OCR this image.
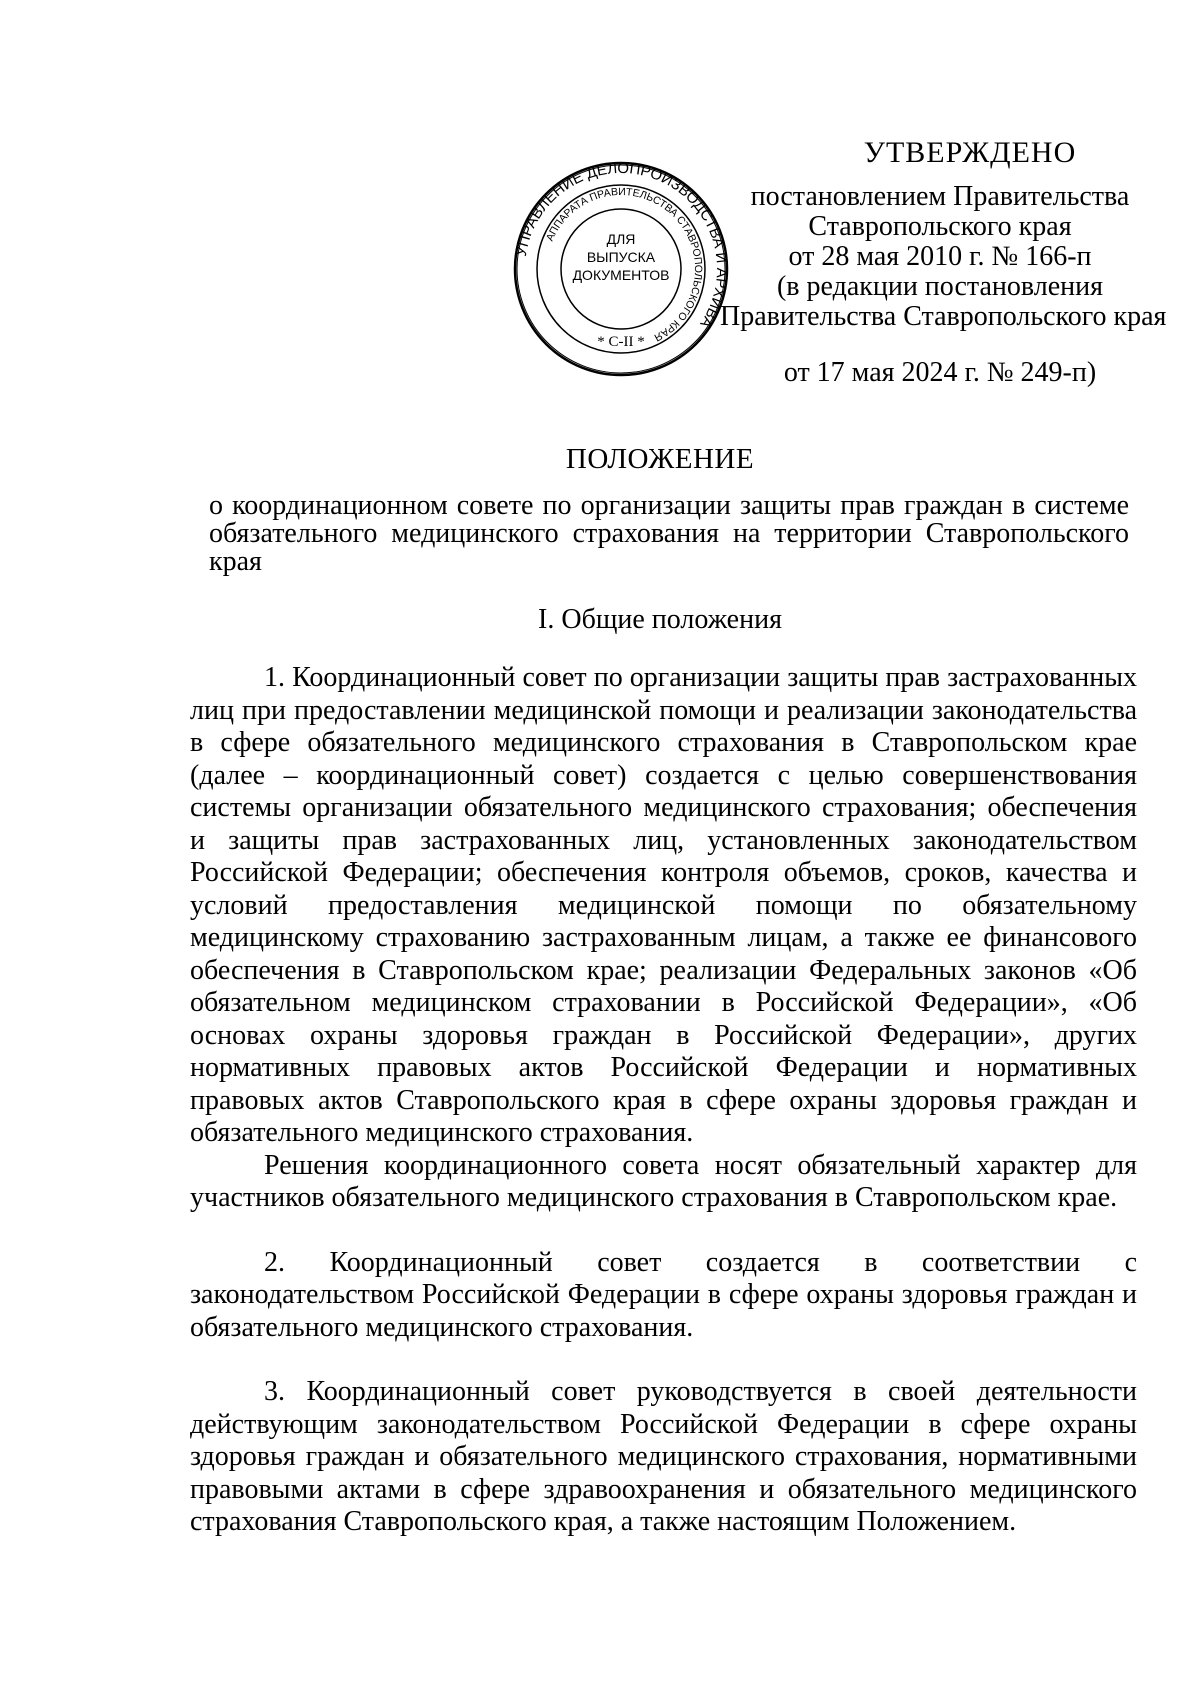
УТВЕРЖДЕНО
постановлением Правительства
Ставропольского края
от 28 мая 2010 г. № 166-п
(в редакции постановления
Правительства Ставропольского края
от 17 мая 2024 г. № 249-п)
УПРАВЛЕНИЕ ДЕЛОПРОИЗВОДСТВА И АРХИВА
АППАРАТА ПРАВИТЕЛЬСТВА СТАВРОПОЛЬСКОГО КРАЯ
ДЛЯ
ВЫПУСКА
ДОКУМЕНТОВ
* С-II *
ПОЛОЖЕНИЕ
о координационном совете по организации защиты прав граждан в системе обязательного медицинского страхования на территории Ставропольского края
I. Общие положения

1. Координационный совет по организации защиты прав застрахованных лиц при предоставлении медицинской помощи и реализации законодательства в сфере обязательного медицинского страхования в Ставропольском крае (далее – координационный совет) создается с целью совершенствования системы организации обязательного медицинского страхования; обеспечения и защиты прав застрахованных лиц, установленных законодательством Российской Федерации; обеспечения контроля объемов, сроков, качества и условий предоставления медицинской помощи по обязательному медицинскому страхованию застрахованным лицам, а также ее финансового обеспечения в Ставропольском крае; реализации Федеральных законов «Об обязательном медицинском страховании в Российской Федерации», «Об основах охраны здоровья граждан в Российской Федерации», других нормативных правовых актов Российской Федерации и нормативных правовых актов Ставропольского края в сфере охраны здоровья граждан и обязательного медицинского страхования.

Решения координационного совета носят обязательный характер для участников обязательного медицинского страхования в Ставропольском крае.

2. Координационный совет создается в соответствии с законодательством Российской Федерации в сфере охраны здоровья граждан и обязательного медицинского страхования.

3. Координационный совет руководствуется в своей деятельности действующим законодательством Российской Федерации в сфере охраны здоровья граждан и обязательного медицинского страхования, нормативными правовыми актами в сфере здравоохранения и обязательного медицинского страхования Ставропольского края, а также настоящим Положением.
